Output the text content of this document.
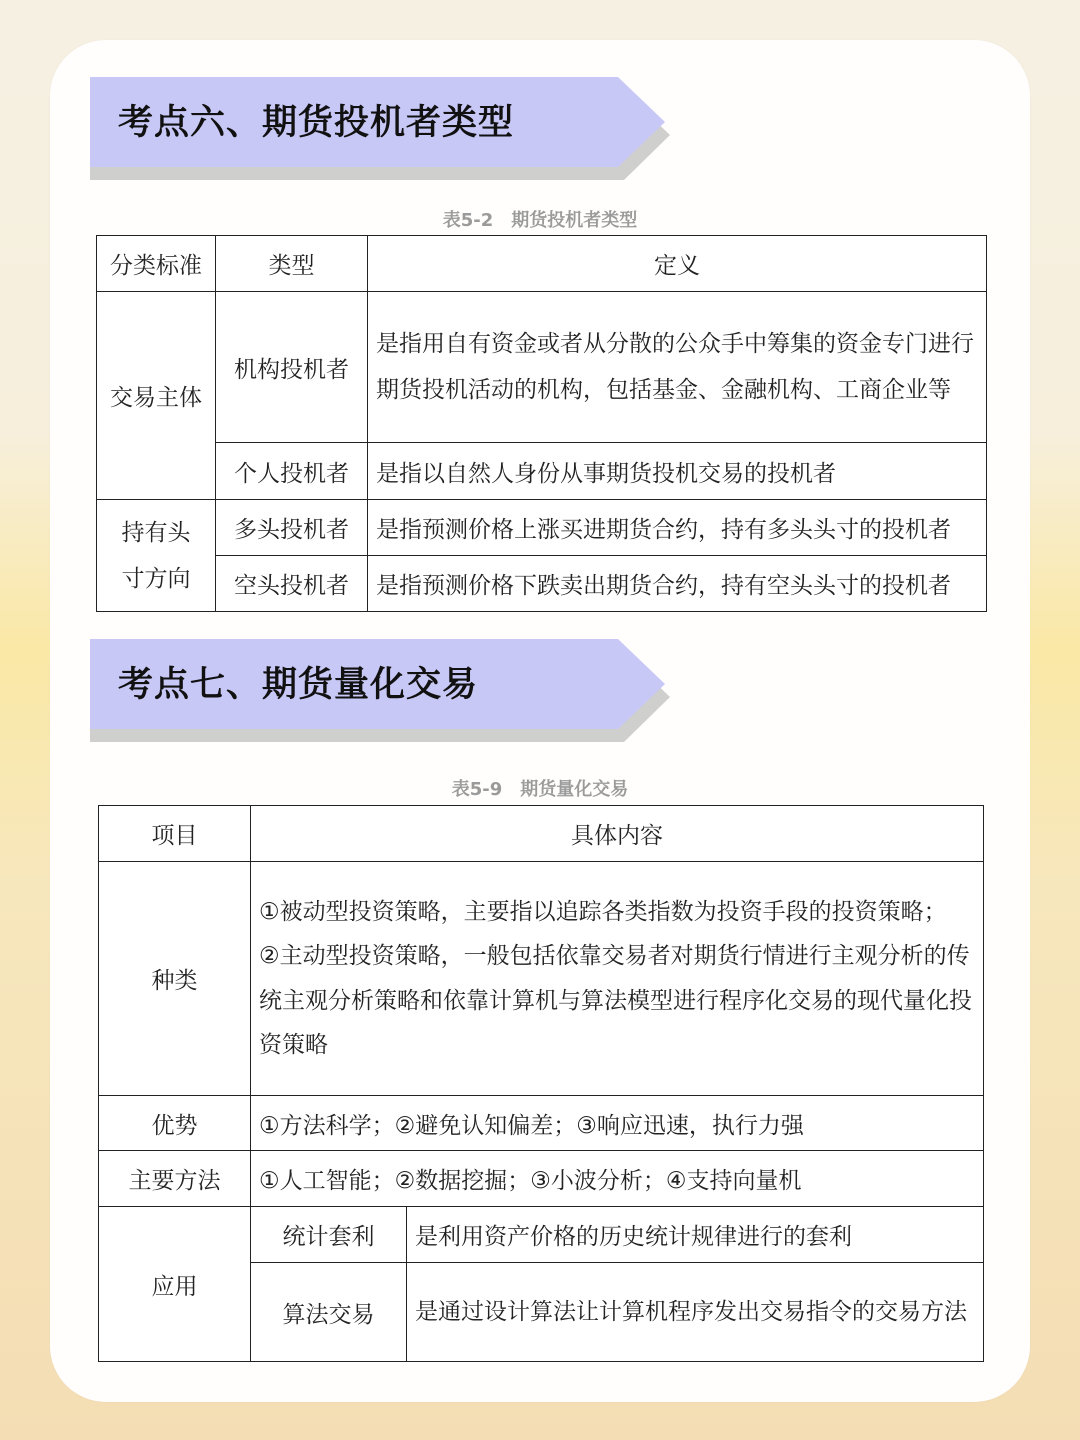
考点六、期货投机者类型
表5-2　期货投机者类型
分类标准	类型	定义
交易主体	机构投机者	是指用自有资金或者从分散的公众手中筹集的资金专门进行期货投机活动的机构，包括基金、金融机构、工商企业等
	个人投机者	是指以自然人身份从事期货投机交易的投机者
持有头寸方向	多头投机者	是指预测价格上涨买进期货合约，持有多头头寸的投机者
	空头投机者	是指预测价格下跌卖出期货合约，持有空头头寸的投机者
考点七、期货量化交易
表5-9　期货量化交易
项目	具体内容	
种类	①被动型投资策略，主要指以追踪各类指数为投资手段的投资策略；
②主动型投资策略，一般包括依靠交易者对期货行情进行主观分析的传统主观分析策略和依靠计算机与算法模型进行程序化交易的现代量化投资策略	

优势	①方法科学；②避免认知偏差；③响应迅速，执行力强	
主要方法	①人工智能；②数据挖掘；③小波分析；④支持向量机	
应用	统计套利	是利用资产价格的历史统计规律进行的套利
	算法交易	是通过设计算法让计算机程序发出交易指令的交易方法
